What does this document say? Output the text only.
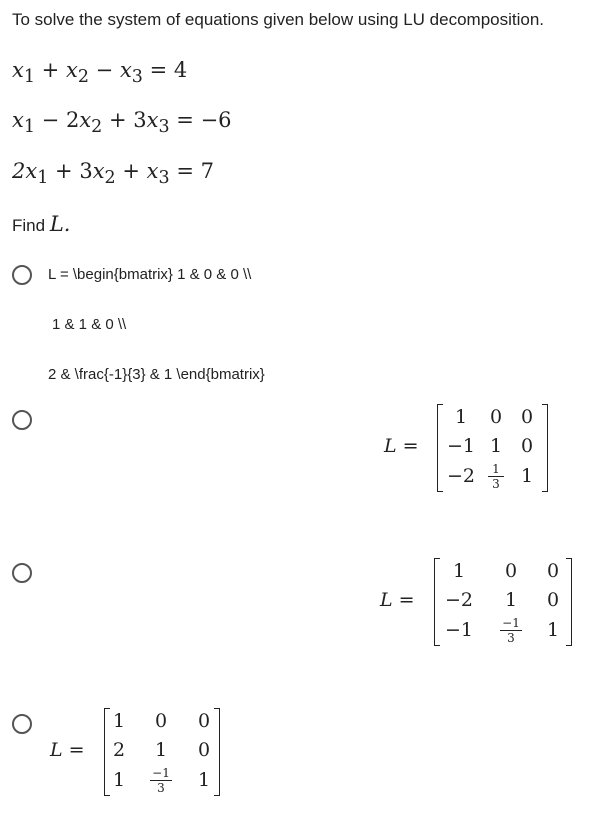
To solve the system of equations given below using LU decomposition.
$x_1 + x_2 - x_3 = 4$
$x_1 - 2x_2 + 3x_3 = -6$
$2x_1 + 3x_2 + x_3 = 7$
Find L.
L = \begin{bmatrix} 1 & 0 & 0 \\
1 & 1 & 0 \\
2 & \frac{-1}{3} & 1 \end{bmatrix}
L =
1	0 0
−1 1 0
−2	$\frac{1}{3} 1$
L =
1	0	0
−2 1	0
−1	$\frac{-1}{3}$	1
L =
1 0 0
2 1 0
1	$\frac{-1}{3} 1$
